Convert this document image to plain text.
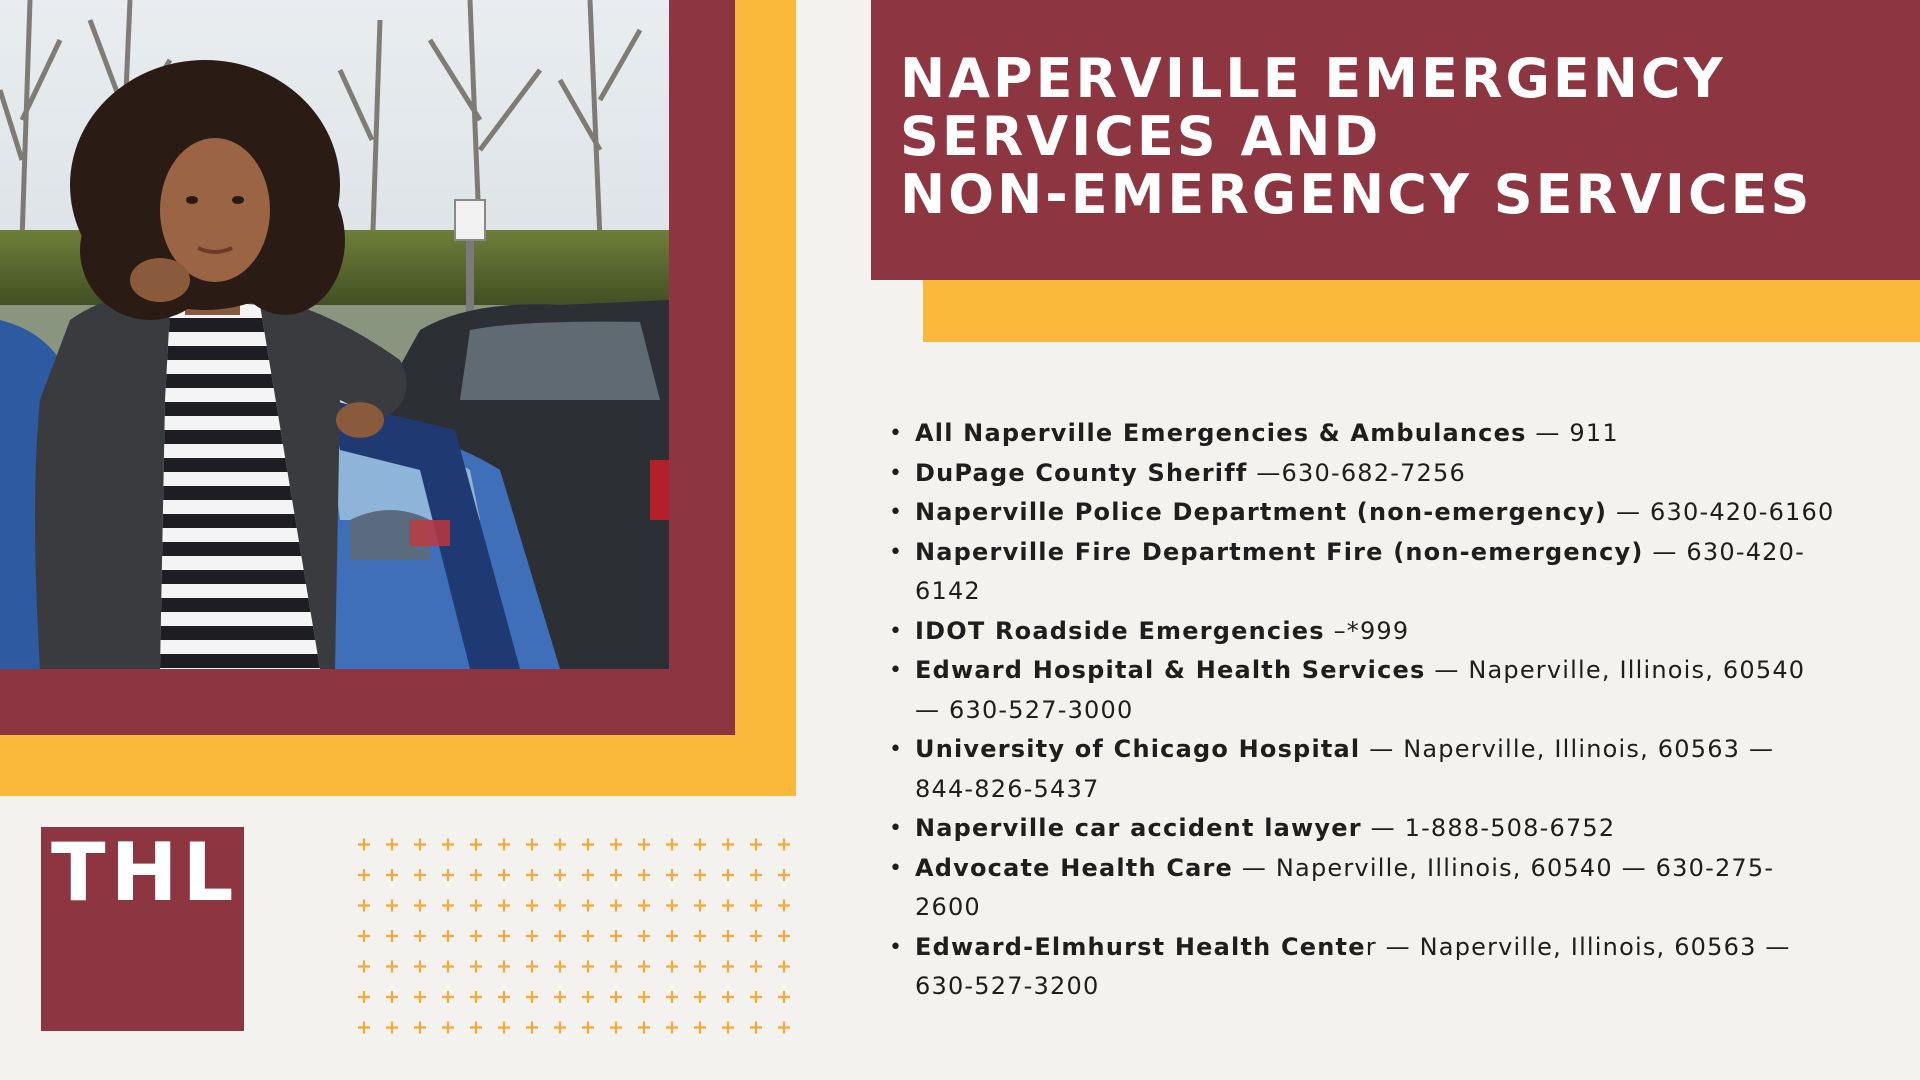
THL
NAPERVILLE EMERGENCY
SERVICES AND
NON-EMERGENCY SERVICES
• All Naperville Emergencies & Ambulances — 911
• DuPage County Sheriff —630-682-7256
• Naperville Police Department (non-emergency) — 630-420-6160
• Naperville Fire Department Fire (non-emergency) — 630-420-6142
• IDOT Roadside Emergencies –*999
• Edward Hospital & Health Services — Naperville, Illinois, 60540 — 630-527-3000
• University of Chicago Hospital — Naperville, Illinois, 60563 — 844-826-5437
• Naperville car accident lawyer — 1-888-508-6752
• Advocate Health Care — Naperville, Illinois, 60540 — 630-275-2600
• Edward-Elmhurst Health Center — Naperville, Illinois, 60563 — 630-527-3200
